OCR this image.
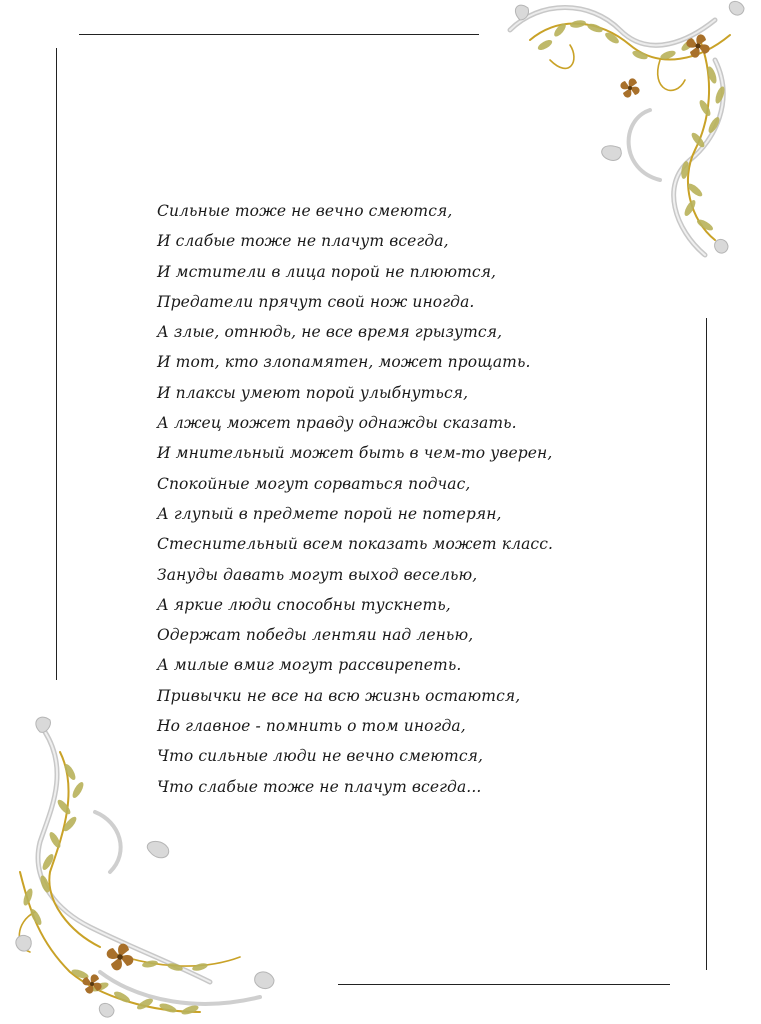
Сильные тоже не вечно смеются,
И слабые тоже не плачут всегда,
И мстители в лица порой не плюются,
Предатели прячут свой нож иногда.
А злые, отнюдь, не все время грызутся,
И тот, кто злопамятен, может прощать.
И плаксы умеют порой улыбнуться,
А лжец может правду однажды сказать.
И мнительный может быть в чем-то уверен,
Спокойные могут сорваться подчас,
А глупый в предмете порой не потерян,
Стеснительный всем показать может класс.
Зануды давать могут выход веселью,
А яркие люди способны тускнеть,
Одержат победы лентяи над ленью,
А милые вмиг могут рассвирепеть.
Привычки не все на всю жизнь остаются,
Но главное - помнить о том иногда,
Что сильные люди не вечно смеются,
Что слабые тоже не плачут всегда...
